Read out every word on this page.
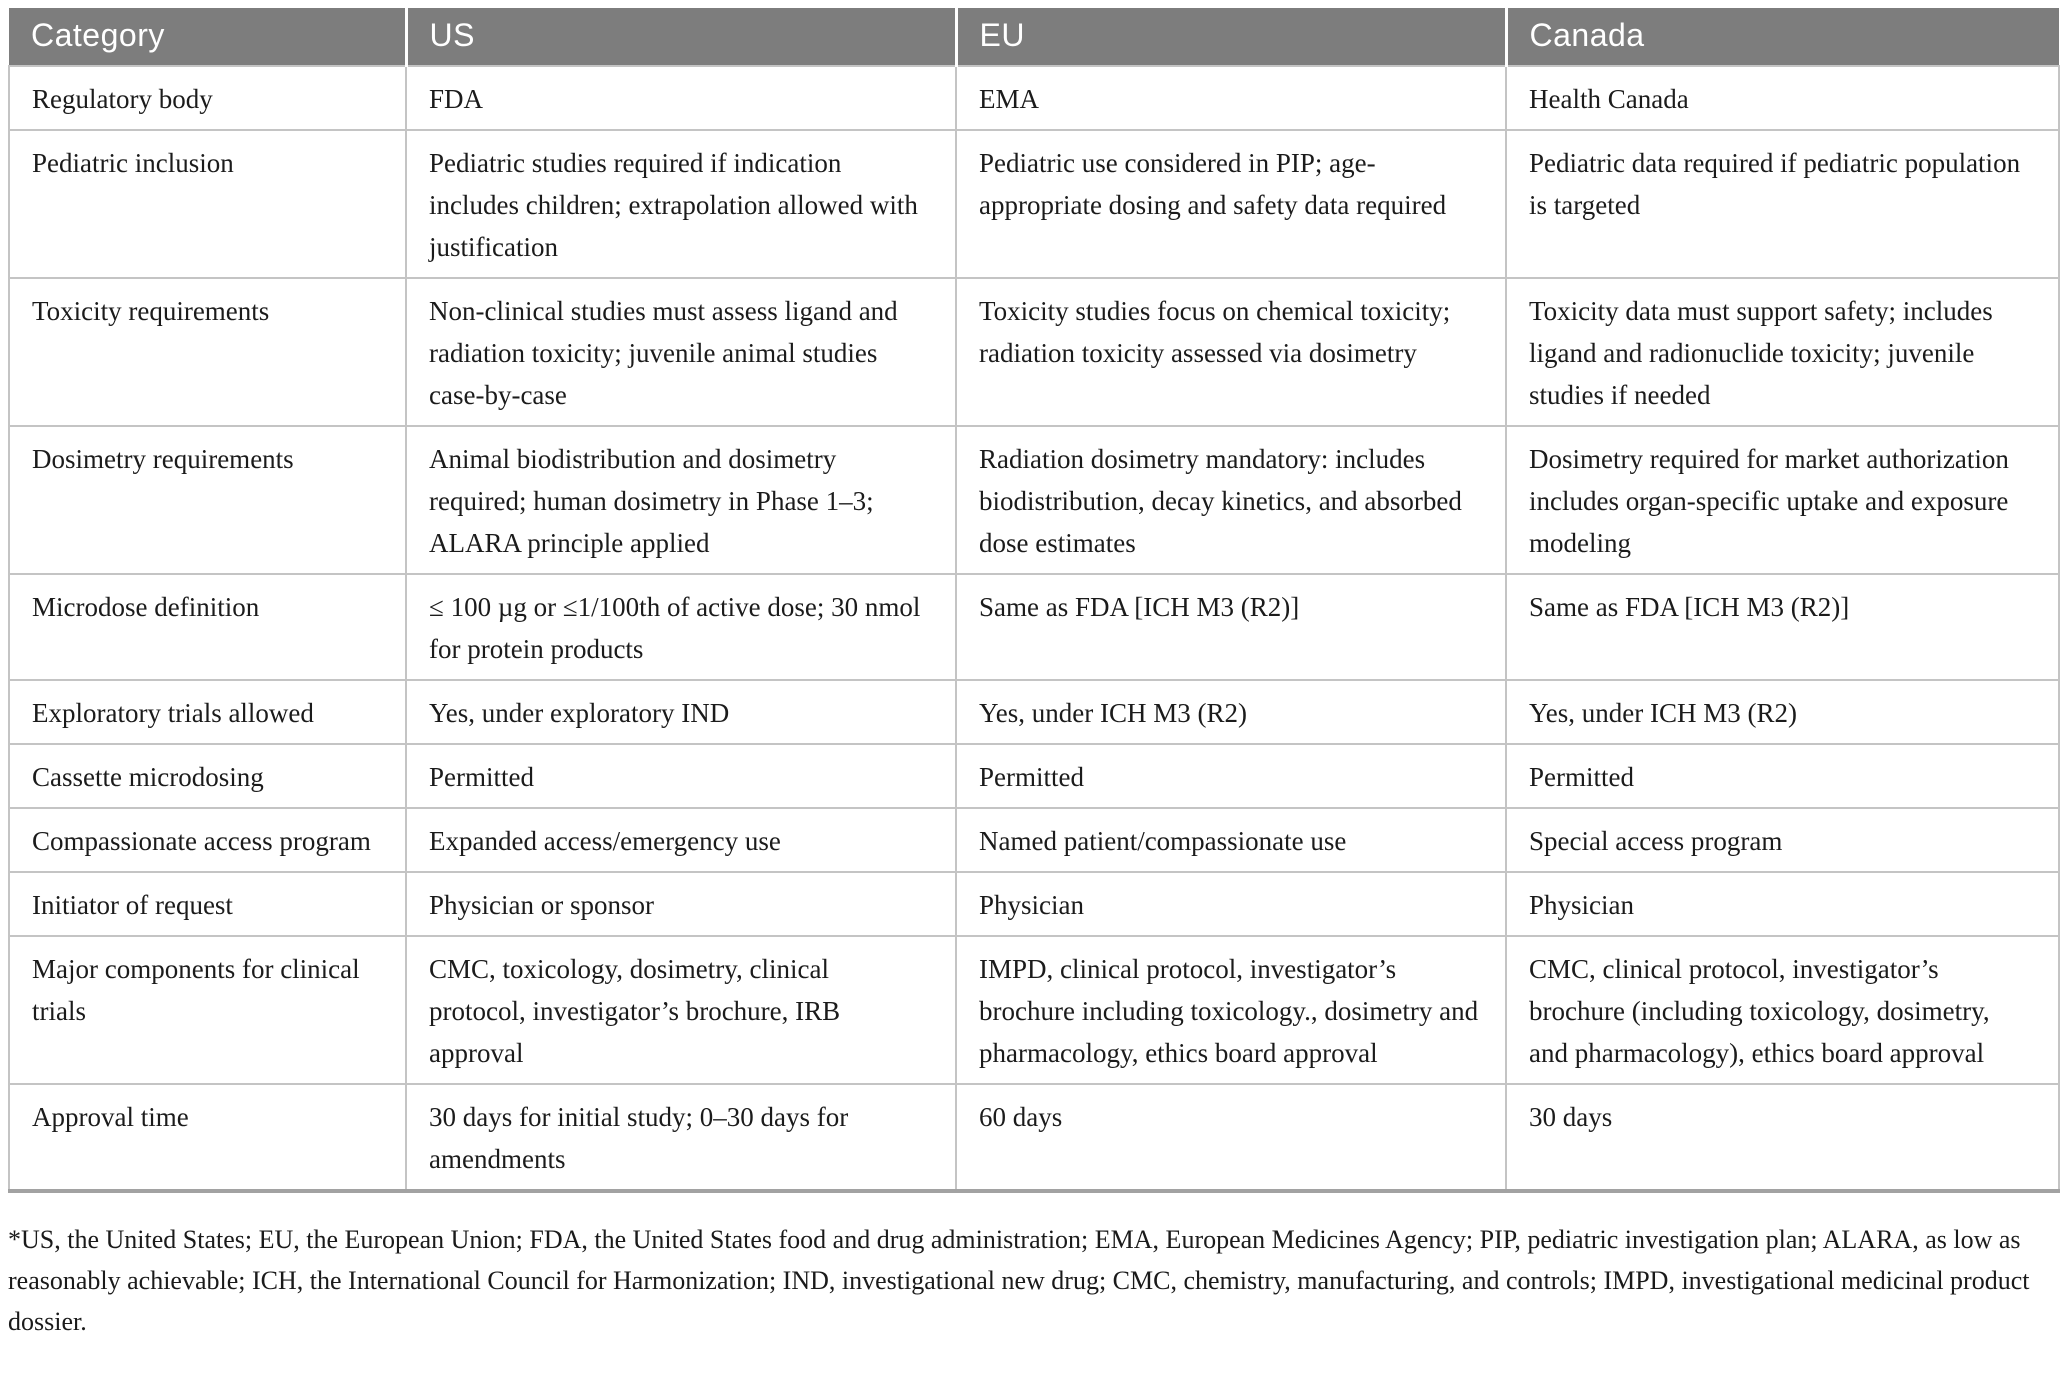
Category	US	EU	Canada
Regulatory body	FDA	EMA	Health Canada
Pediatric inclusion	Pediatric studies required if indication includes children; extrapolation allowed with justification	Pediatric use considered in PIP; age-appropriate dosing and safety data required	Pediatric data required if pediatric population is targeted
Toxicity requirements	Non-clinical studies must assess ligand and radiation toxicity; juvenile animal studies case-by-case	Toxicity studies focus on chemical toxicity; radiation toxicity assessed via dosimetry	Toxicity data must support safety; includes ligand and radionuclide toxicity; juvenile studies if needed
Dosimetry requirements	Animal biodistribution and dosimetry required; human dosimetry in Phase 1–3; ALARA principle applied	Radiation dosimetry mandatory: includes biodistribution, decay kinetics, and absorbed dose estimates	Dosimetry required for market authorization includes organ-specific uptake and exposure modeling
Microdose definition	≤ 100 µg or ≤1/100th of active dose; 30 nmol for protein products	Same as FDA [ICH M3 (R2)]	Same as FDA [ICH M3 (R2)]
Exploratory trials allowed	Yes, under exploratory IND	Yes, under ICH M3 (R2)	Yes, under ICH M3 (R2)
Cassette microdosing	Permitted	Permitted	Permitted
Compassionate access program	Expanded access/emergency use	Named patient/compassionate use	Special access program
Initiator of request	Physician or sponsor	Physician	Physician
Major components for clinical trials	CMC, toxicology, dosimetry, clinical protocol, investigator’s brochure, IRB approval	IMPD, clinical protocol, investigator’s brochure including toxicology., dosimetry and pharmacology, ethics board approval	CMC, clinical protocol, investigator’s brochure (including toxicology, dosimetry, and pharmacology), ethics board approval
Approval time	30 days for initial study; 0–30 days for amendments	60 days	30 days
*US, the United States; EU, the European Union; FDA, the United States food and drug administration; EMA, European Medicines Agency; PIP, pediatric investigation plan; ALARA, as low as reasonably achievable; ICH, the International Council for Harmonization; IND, investigational new drug; CMC, chemistry, manufacturing, and controls; IMPD, investigational medicinal product dossier.
